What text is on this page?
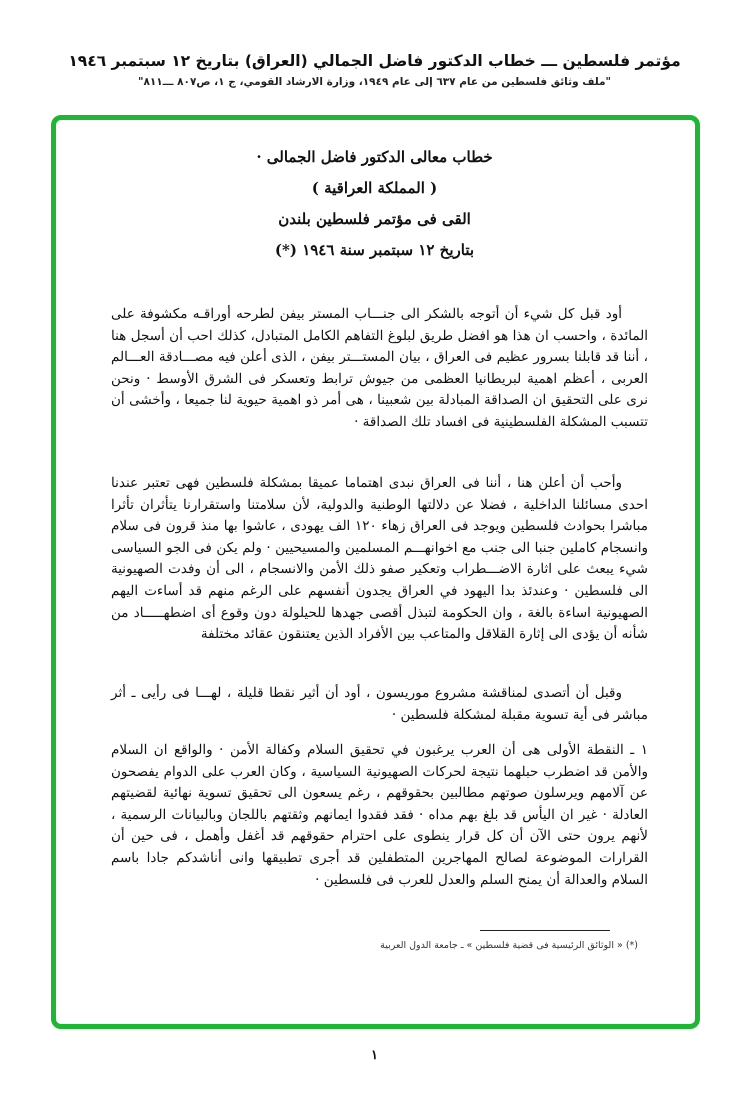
مؤتمر فلسطين ـــ خطاب الدكتور فاضل الجمالي (العراق) بتاريخ ١٢ سبتمبر ١٩٤٦
"ملف وثائق فلسطين من عام ٦٣٧ إلى عام ١٩٤٩، وزارة الارشاد القومي، ج ١، ص٨٠٧ ـــ٨١١"
خطاب معالى الدكتور فاضل الجمالى ·
( المملكة العراقية )
القى فى مؤتمر فلسطين بلندن
بتاريخ ١٢ سبتمبر سنة ١٩٤٦ (*)

أود قبل كل شيء أن أتوجه بالشكر الى جنـــاب المستر بيفن لطرحه أوراقـه مكشوفة على المائدة ، واحسب ان هذا هو افضل طريق لبلوغ التفاهم الكامل المتبادل، كذلك احب أن أسجل هنا ، أننا قد قابلنا بسرور عظيم فى العراق ، بيان المستـــتر بيفن ، الذى أعلن فيه مصـــادقة العـــالم العربى ، أعظم اهمية لبريطانيا العظمى من جيوش ترابط وتعسكر فى الشرق الأوسط · ونحن نرى على التحقيق ان الصداقة المبادلة بين شعبينا ، هى أمر ذو اهمية حيوية لنا جميعا ، وأخشى أن تتسبب المشكلة الفلسطينية فى افساد تلك الصداقة ·

وأحب أن أعلن هنا ، أننا فى العراق نبدى اهتماما عميقا بمشكلة فلسطين فهى تعتبر عندنا احدى مسائلنا الداخلية ، فضلا عن دلالتها الوطنية والدولية، لأن سلامتنا واستقرارنا يتأثران تأثرا مباشرا بحوادث فلسطين ويوجد فى العراق زهاء ١٢٠ الف يهودى ، عاشوا بها منذ قرون فى سلام وانسجام كاملين جنبا الى جنب مع اخوانهـــم المسلمين والمسيحيين · ولم يكن فى الجو السياسى شيء يبعث على اثارة الاضـــطراب وتعكير صفو ذلك الأمن والانسجام ، الى أن وفدت الصهيونية الى فلسطين · وعندئذ بدا اليهود في العراق يجدون أنفسهم على الرغم منهم قد أساءت اليهم الصهيونية اساءة بالغة ، وان الحكومة لتبذل أقصى جهدها للحيلولة دون وقوع أى اضطهـــــاد من شأنه أن يؤدى الى إثارة القلاقل والمتاعب بين الأفراد الذين يعتنقون عقائد مختلفة

وقبل أن أتصدى لمناقشة مشروع موريسون ، أود أن أثير نقطا قليلة ، لهـــا فى رأيى ـ أثر مباشر فى أية تسوية مقبلة لمشكلة فلسطين ·

١ ـ النقطة الأولى هى أن العرب يرغبون في تحقيق السلام وكفالة الأمن · والواقع ان السلام والأمن قد اضطرب حبلهما نتيجة لحركات الصهيونية السياسية ، وكان العرب على الدوام يفصحون عن آلامهم ويرسلون صوتهم مطالبين بحقوقهم ، رغم يسعون الى تحقيق تسوية نهائية لقضيتهم العادلة · غير ان اليأس قد بلغ بهم مداه · فقد فقدوا ايمانهم وثقتهم باللجان وبالبيانات الرسمية ، لأنهم يرون حتى الآن أن كل قرار ينطوى على احترام حقوقهم قد أغفل وأهمل ، فى حين أن القرارات الموضوعة لصالح المهاجرين المتطفلين قد أجرى تطبيقها وانى أناشدكم جادا باسم السلام والعدالة أن يمنح السلم والعدل للعرب فى فلسطين ·

(*) « الوثائق الرئيسية فى قضية فلسطين » ـ جامعة الدول العربية
١
